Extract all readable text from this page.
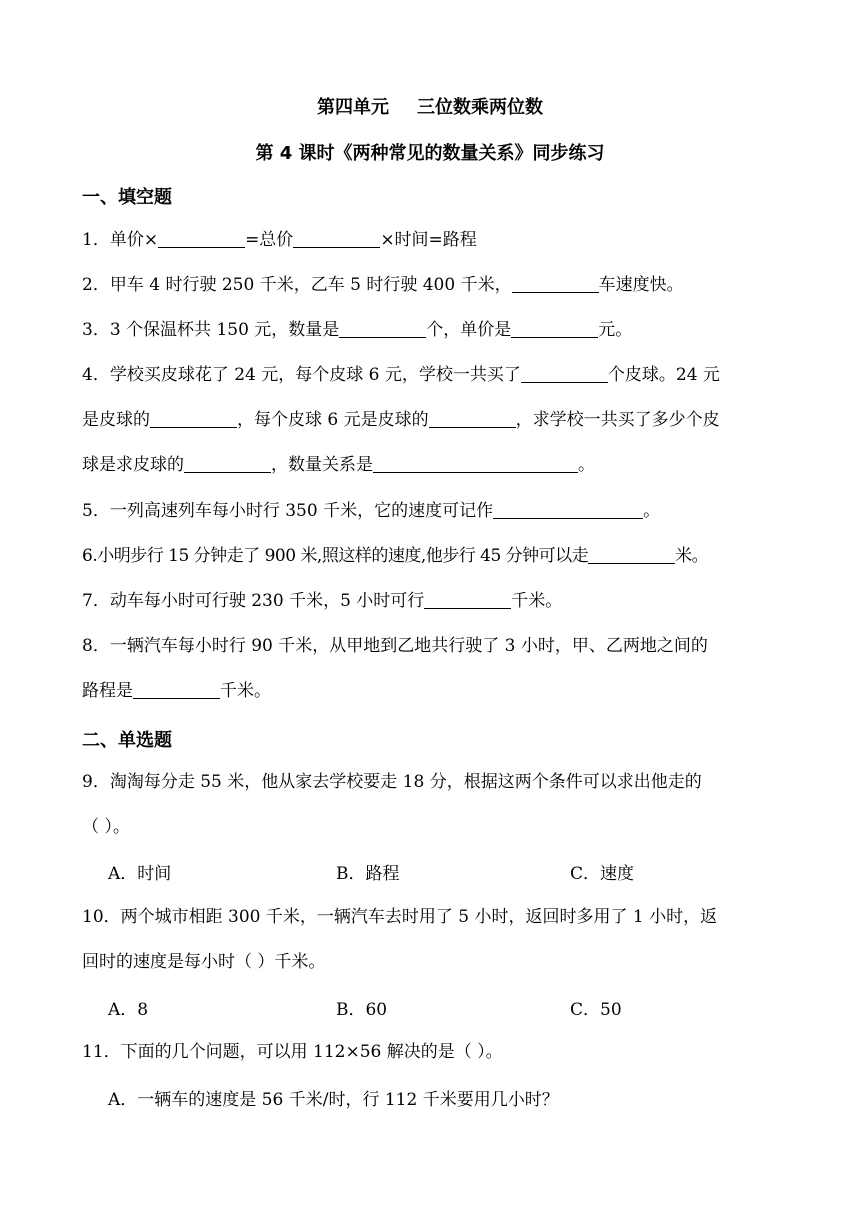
第四单元 三位数乘两位数
第 4 课时《两种常见的数量关系》同步练习
一、填空题
1．单价×	=总价	×时间=路程
2．甲车 4 时行驶 250 千米，乙车 5 时行驶 400 千米，	车速度快。
3．3 个保温杯共 150 元，数量是	个，单价是	元。
4．学校买皮球花了 24 元，每个皮球 6 元，学校一共买了	个皮球。24 元
是皮球的	，每个皮球 6 元是皮球的	，求学校一共买了多少个皮
球是求皮球的	，数量关系是	。
5．一列高速列车每小时行 350 千米，它的速度可记作	。
6.小明步行 15 分钟走了 900 米,照这样的速度,他步行 45 分钟可以走	米。
7．动车每小时可行驶 230 千米，5 小时可行	千米。
8．一辆汽车每小时行 90 千米，从甲地到乙地共行驶了 3 小时，甲、乙两地之间的
路程是	千米。
二、单选题
9．淘淘每分走 55 米，他从家去学校要走 18 分，根据这两个条件可以求出他走的
（ ）。
A．时间	B．路程	C．速度
10．两个城市相距 300 千米，一辆汽车去时用了 5 小时，返回时多用了 1 小时，返
回时的速度是每小时（ ）千米。
A．8	B．60	C．50
11．下面的几个问题，可以用 112×56 解决的是（ ）。
A．一辆车的速度是 56 千米/时，行 112 千米要用几小时？
